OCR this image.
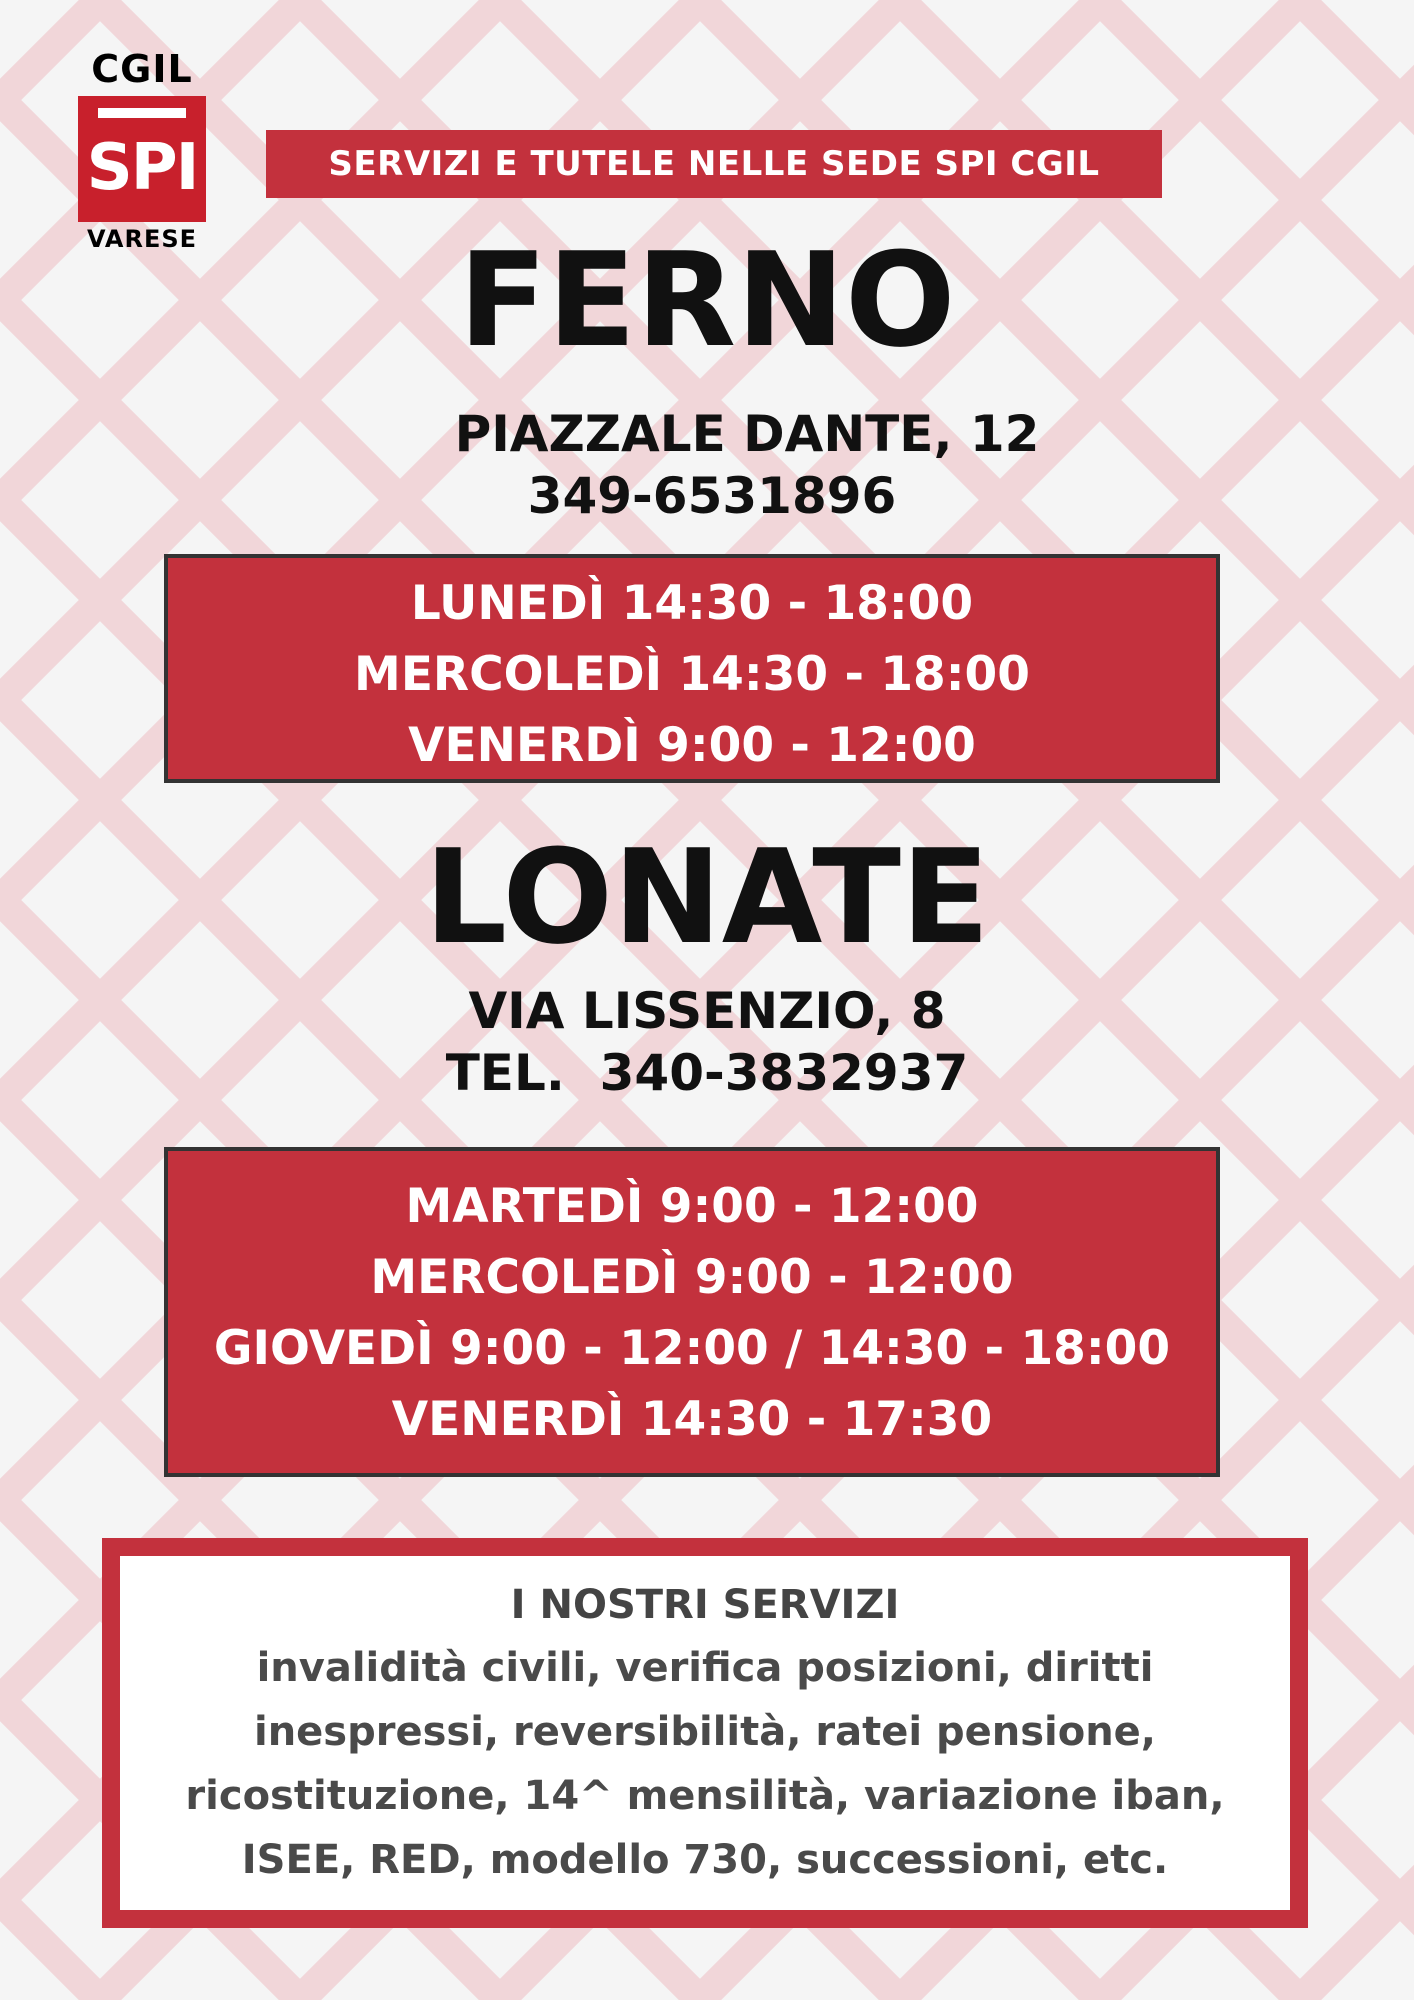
CGIL
SPI
VARESE
SERVIZI E TUTELE NELLE SEDE SPI CGIL
FERNO
PIAZZALE DANTE, 12
349-6531896
LUNEDÌ 14:30 - 18:00
MERCOLEDÌ 14:30 - 18:00
VENERDÌ 9:00 - 12:00
LONATE
VIA LISSENZIO, 8
TEL.  340-3832937
MARTEDÌ 9:00 - 12:00
MERCOLEDÌ 9:00 - 12:00
GIOVEDÌ 9:00 - 12:00 / 14:30 - 18:00
VENERDÌ 14:30 - 17:30
I NOSTRI SERVIZI
invalidità civili, verifica posizioni, diritti
inespressi, reversibilità, ratei pensione,
ricostituzione, 14^ mensilità, variazione iban,
ISEE, RED, modello 730, successioni, etc.
